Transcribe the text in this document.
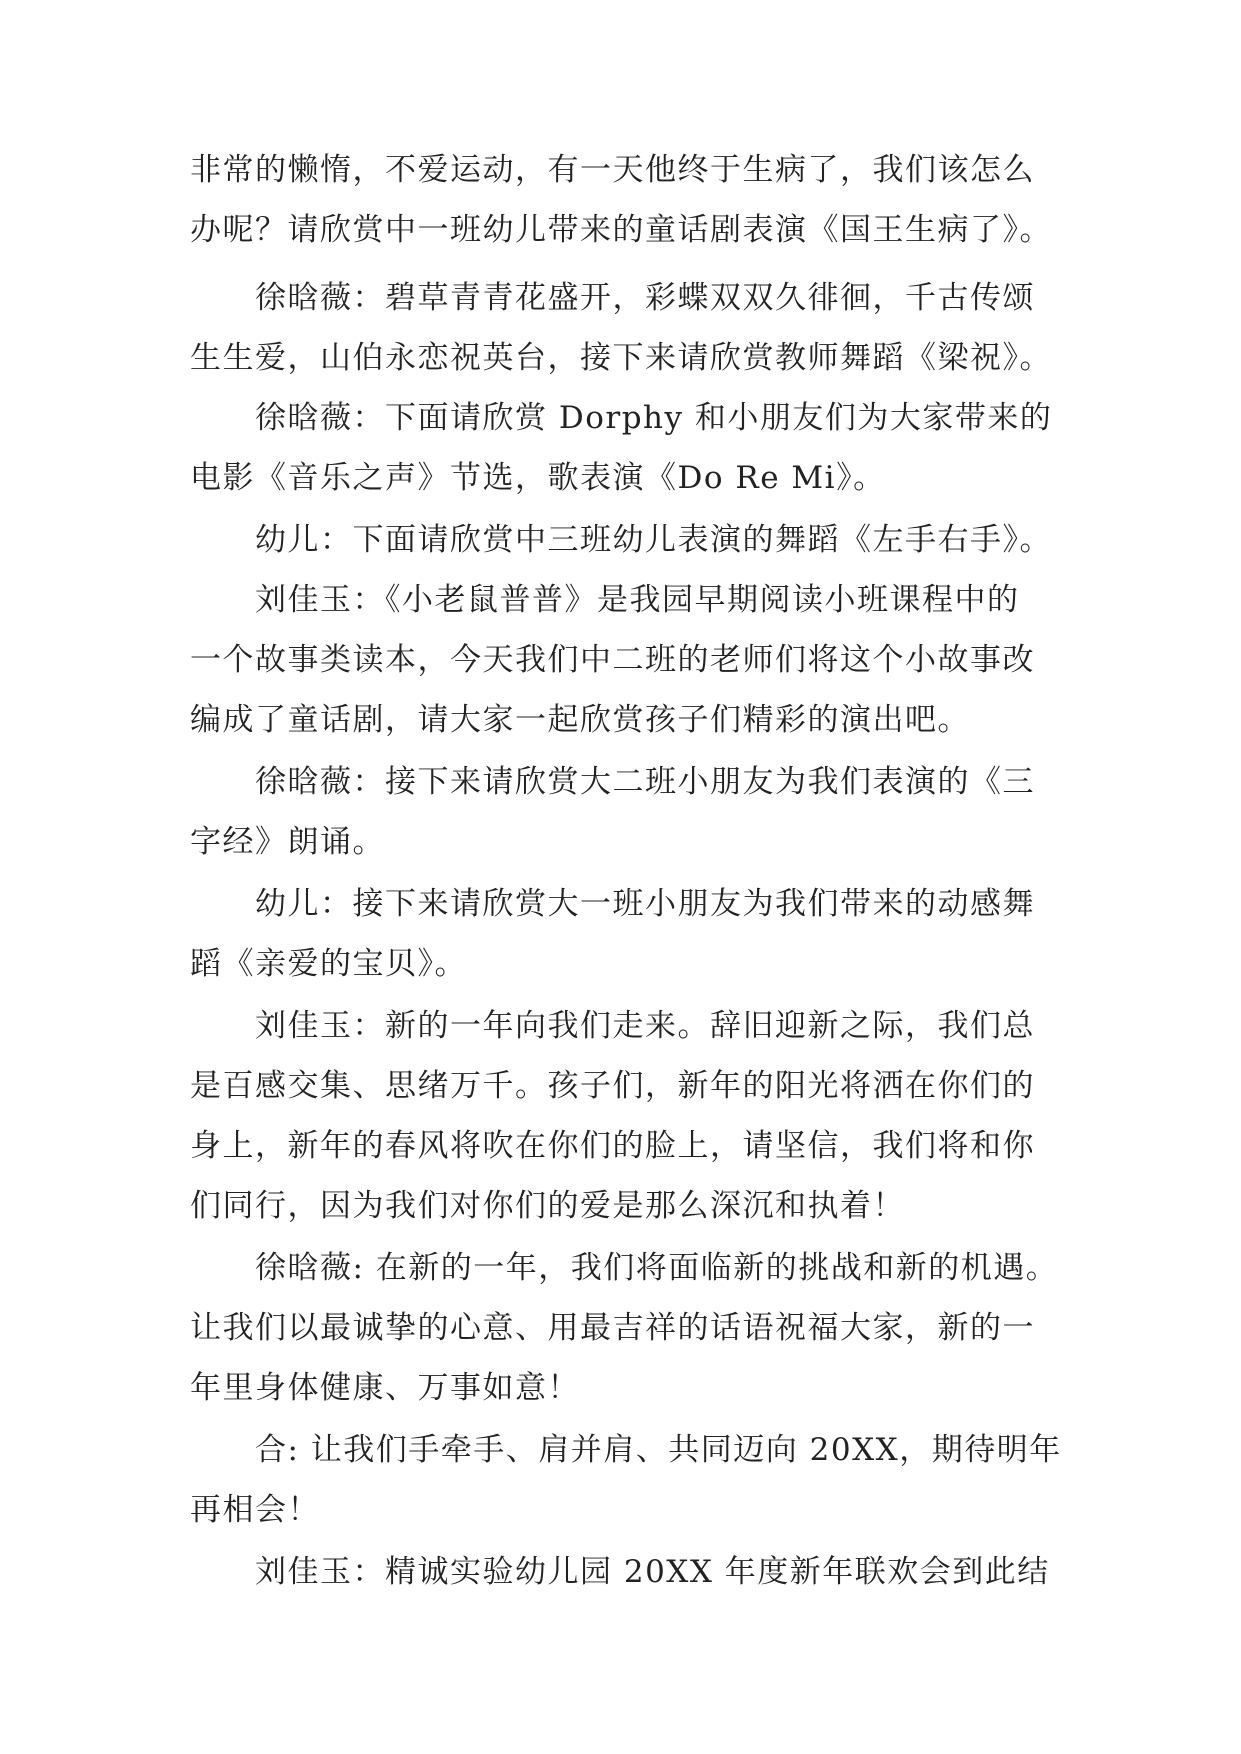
非常的懒惰，不爱运动，有一天他终于生病了，我们该怎么
办呢？请欣赏中一班幼儿带来的童话剧表演《国王生病了》。
徐晗薇：碧草青青花盛开，彩蝶双双久徘徊，千古传颂
生生爱，山伯永恋祝英台，接下来请欣赏教师舞蹈《梁祝》。
徐晗薇：下面请欣赏 Dorphy 和小朋友们为大家带来的
电影《音乐之声》节选，歌表演《Do Re Mi》。
幼儿：下面请欣赏中三班幼儿表演的舞蹈《左手右手》。
刘佳玉：《小老鼠普普》是我园早期阅读小班课程中的
一个故事类读本，今天我们中二班的老师们将这个小故事改
编成了童话剧，请大家一起欣赏孩子们精彩的演出吧。
徐晗薇：接下来请欣赏大二班小朋友为我们表演的《三
字经》朗诵。
幼儿：接下来请欣赏大一班小朋友为我们带来的动感舞
蹈《亲爱的宝贝》。
刘佳玉：新的一年向我们走来。辞旧迎新之际，我们总
是百感交集、思绪万千。孩子们，新年的阳光将洒在你们的
身上，新年的春风将吹在你们的脸上，请坚信，我们将和你
们同行，因为我们对你们的爱是那么深沉和执着！
徐晗薇: 在新的一年，我们将面临新的挑战和新的机遇。
让我们以最诚挚的心意、用最吉祥的话语祝福大家，新的一
年里身体健康、万事如意！
合: 让我们手牵手、肩并肩、共同迈向 20XX，期待明年
再相会！
刘佳玉：精诚实验幼儿园 20XX 年度新年联欢会到此结
